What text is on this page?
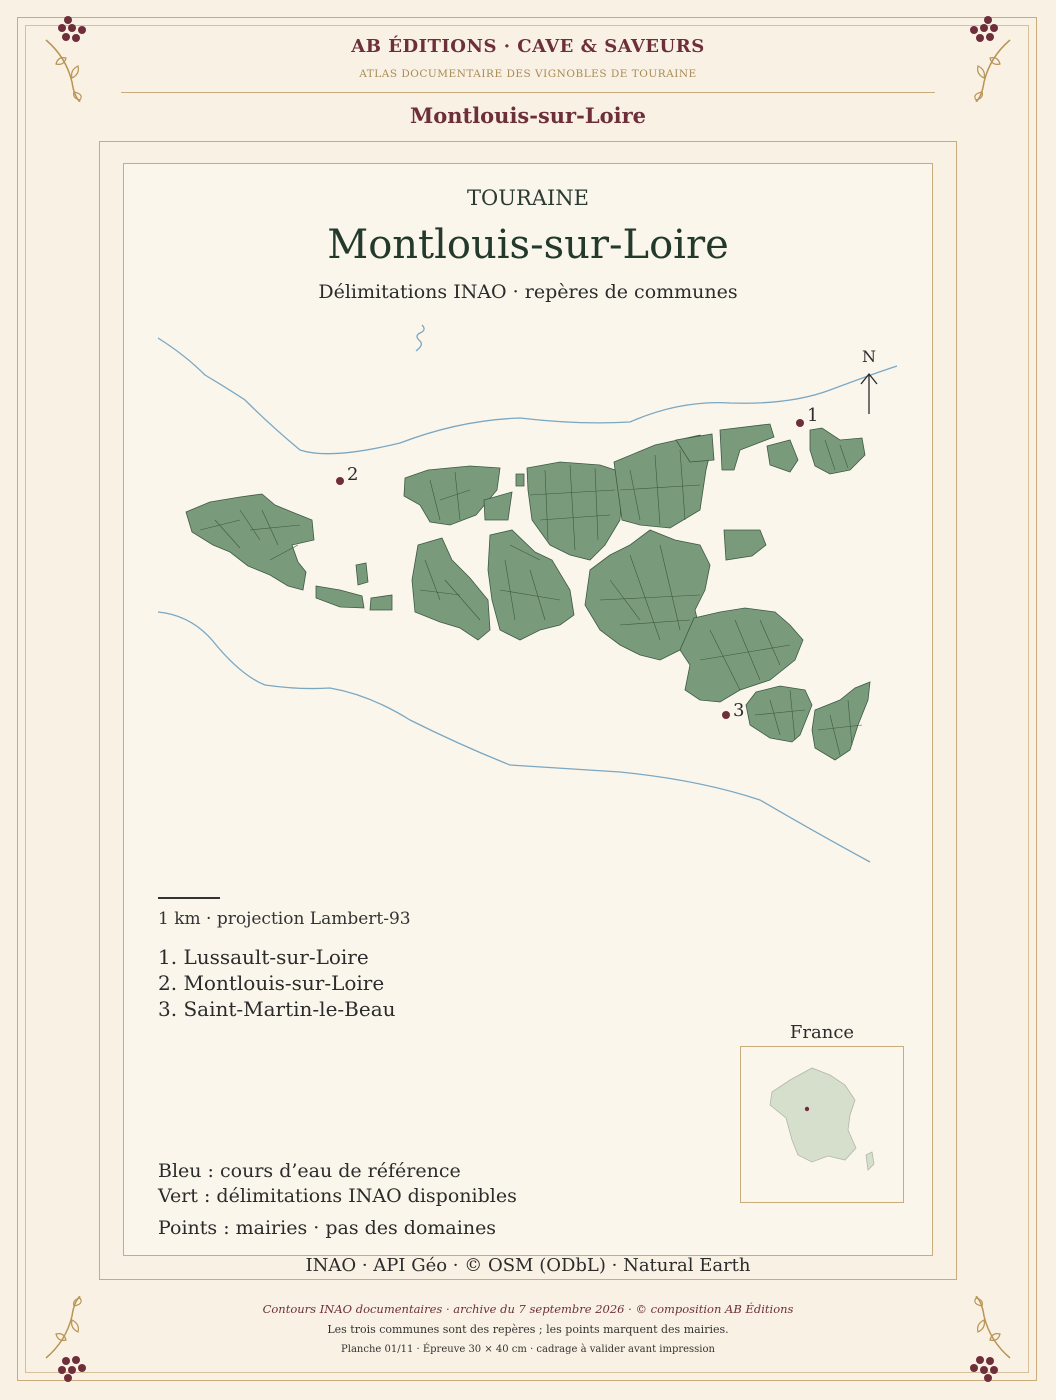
AB ÉDITIONS · CAVE & SAVEURS
ATLAS DOCUMENTAIRE DES VIGNOBLES DE TOURAINE
Montlouis-sur-Loire
TOURAINE
Montlouis-sur-Loire
Délimitations INAO · repères de communes
1
2
3
N
1 km · projection Lambert-93
1. Lussault-sur-Loire
2. Montlouis-sur-Loire
3. Saint-Martin-le-Beau
France
Bleu : cours d’eau de référence
Vert : délimitations INAO disponibles
Points : mairies · pas des domaines
INAO · API Géo · © OSM (ODbL) · Natural Earth
Contours INAO documentaires · archive du 7 septembre 2026 · © composition AB Éditions
Les trois communes sont des repères ; les points marquent des mairies.
Planche 01/11 · Épreuve 30 × 40 cm · cadrage à valider avant impression
